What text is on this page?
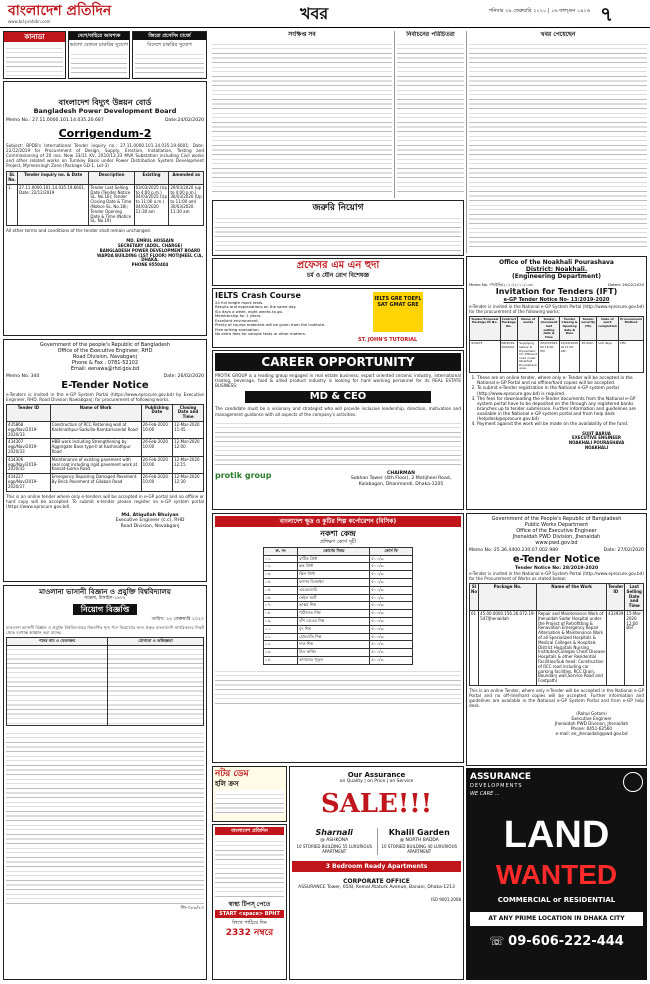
বাংলাদেশ প্রতিদিন
www.bd-pratidin.com	খবর	শনিবার ২৯ ফেব্রুয়ারি ২০২০ | ১৬ ফাল্গুন ১৪২৬ ৭
কানাডা	দেশে/বাহিরে আবশ্যক
ভালো বেতনে চাকরির সুযোগ
জিরো প্রসেসিং চার্জে
বিদেশে চাকরির সুযোগ
বাংলাদেশ বিদ্যুৎ উন্নয়ন বোর্ড
Bangladesh Power Development Board
Memo No.: 27.11.0000.101.14.035.20.687	Date:24/02/2020
Corrigendum-2
Subject: BPDB's International Tender inquiry no.: 27.11.0000.101.14.035.19.6601; Date: 22/12/2019 for Procurement of Design, Supply, Erection, Installation, Testing and Commissioning of 20 nos. New 33/11 KV, 2X10/13.33 MVA Substation including Civil works and other related works on Turnkey Basis under Power Distribution System Development Project, Mymensingh Zone (Package GD-1, Lot-3)
SL No.	Tender inquiry no. & Date	Description	Existing	Amended as
1.	27.11.0000.101.14.035.19.6601, Date: 22/12/2019	Tender Last Selling Date (Tender Notice SL. No.16); Tender Closing Date & Time (Notice SL. No.18); Tender Opening Date & Time (Notice SL. No.19)	03/03/2025 (Up to 4:00 p.m.) 04/03/2025 (Up to 11:00 a.m.) 04/03/2020 11:30 am	29/03/2020 (up to 4:00 p.m.) 30/03/2020 (Up to 11:00 am) 30/03/2020 11:30 am
All other terms and conditions of the tender shall remain unchanged.
MD. EMRUL HOSSAIN
SECRETARY (ADDL. CHARGE)
BANGLADESH POWER DEVELOPMENT BOARD
WAPDA BUILDING (1ST FLOOR) MOTIJHEEL C/A, DHAKA.
PHONE 9550404
Government of the people's Republic of Bangladesh
Office of the Executive Engineer, RHD
Road Division, Navabganj
Phone & Fax : 0781-52102
Email: eenawa@rhd.gov.bd
Memo No. 340	Date: 26/02/2020
E-Tender Notice
e-Tenders is invited in the e-GP System Portal (https://www.eprocure.gov.bd) by Executive Engineer, RHD. Road Division Nawabganj: for procurement of following works.
Tender ID	Name of Work	Publishing Date	Closing Date and Time
435868 egp/Nav/2019-2020/33	Construction of RCC Retaining wall at Kashinathpur-Sadullia-Ramkarisandal Road	26-Feb-2020 10:00	12-Mar-2020 11:45
434307 egp/Nav/2019-2020/33	HBB work Including Strengthening by Aggregate Base type-II at Kashinathpur Road	26-Feb-2020 10:00	12-Mar-2020 12:00
434306 egp/Nav/2019-2020/35	Maintenance of existing pavement with seal coat including rigid pavement work at Kansat-Goma Road	26-Feb-2020 10:00	12-Mar-2020 12:15
434227 egp/Nav/2019-2020/37	Emergency Repairing Damaged Pavement By Brick Pavement of Gilaban Road	26-Feb-2020 10:00	12-Mar-2020 12:30
This is an online tender where only e-tenders will be accepted in e-GP portal and no offline or hard copy will be accepted. To submit e-tender please register on e-GP system portal (https://www.eprocure.gov.bd).
Md. Atiqullah Bhuiyan
Executive Engineer (c.c), RHD
Road Division, Navabganj
মাওলানা ভাসানী বিজ্ঞান ও প্রযুক্তি বিশ্ববিদ্যালয়
সন্তোষ, টাঙ্গাইল-১৯০২
নিয়োগ বিজ্ঞপ্তি
তারিখ: ২৫ ফেব্রুয়ারি ২০২০
মাওলানা ভাসানী বিজ্ঞান ও প্রযুক্তি বিশ্ববিদ্যালয়ে নিম্নবর্ণিত শূন্য পদে নিয়োগের জন্য প্রকৃত বাংলাদেশি নাগরিকদের নিকট থেকে দরখাস্ত আহ্বান করা যাচ্ছে।
পদের নাম ও বেতনক্রম	যোগ্যতা ও অভিজ্ঞতা

জি-৩৮৬/২০
সংক্ষিপ্ত সব	নির্বাচনের পরিচিতরা	খবর পেয়েছেন
জরুরি নিয়োগ
প্রফেসর এম এন হুদা
চর্ম ও যৌন রোগ বিশেষজ্ঞ
IELTS Crash Course
24 full length mock tests.
Results and explanations on the same day.
Six days a week, eight weeks to go.
Membership for 1 years.
Excellent environment.
Plenty of course materials will be given from the institute.
Free writing evaluation.
No extra fees for sample tests or other matters.
IELTS GRE TOEFL SAT GMAT GRE
ST. JOHN'S TUTORIAL
CAREER OPPORTUNITY
PROTIK GROUP is a leading group engaged in real estate business, export oriented ceramic industry, international trading, beverage, food & allied product industry is looking for hard working personnel for its REAL ESTATE BUSINESS:
MD & CEO
The candidate must be a visionary and strategist who will provide inclusive leadership, direction, motivation and management guidance with all aspects of the company's activities.
protik group	CHAIRMAN
Sobhan Tower (4th Floor), 2 Motijheel Road, Kalabagan, Dhanmondi, Dhaka-1205
Office of the Noakhali Pourashava
District: Noakhali.
(Engineering Department)
Memo No. নপ/ইঞ্জি/২০২০/২০১১/১৩৩	Dated: 26/02/2020
Invitation for Tenders (IFT)
e-GP Tender Notice No- 13/2019-2020
e-Tender is invited in the National e-GP System Portal (http://www.eprocure.gov.bd) for the procurement of the following works:
Tender/Proposal Package ID No.	Contract Package No.	Name of works	Tender document last selling date & time	Tender Closing & Opening date & time	Tender security (Tk)	Date of work completion	Procurement Method
434275	NP/2019-2020/09	Supplying labour & Equipment for different road under Noakhali Pourashava area.	22/03/2022 till 16:00 PM	23/03/2020 at 11:00 AM	20,000/-	120 days	LTM
1. These are on online tender, where only e- Tender will be accepted in the National e-GP Portal and no offline/hard copies will be accepted.
2. To submit e-Tender registration in the National e-GP system portal (http://www.eprocure.gov.bd) is required.
3. The fees for downloading the e-Tender documents from the National e-GP system portal have to be deposited on the through any registered banks branches up to tender submission. Further information and guidelines are available in the National e-GP system portal and from help desk (helpdesk@eprocure.gov.bd)
4. Payment against the work will be made on the availability of the fund.
SUJIT BARUA
EXECUTIVE ENGINEER
NOAKHALI POURASHAVA
NOAKHALI
বাংলাদেশ ক্ষুদ্র ও কুটির শিল্প কর্পোরেশন (বিসিক)
নকশা কেন্দ্র
প্রশিক্ষণ কোর্স সূচী
ক্র. নং	কোর্সের বিষয়	কোর্স ফি
০১.	বাটিক প্রিন্ট	৫০০/=
০২.	ব্লক প্রিন্ট	৫০০/=
০৩.	স্ক্রিন প্রিন্ট	৫০০/=
০৪.	ফ্যাশন ডিজাইন	৫০০/=
০৫.	এমব্রয়ডারি	৫০০/=
০৬.	নেইল আর্ট	৫০০/=
০৭.	ভাস্কর্য শিল্প	৫০০/=
০৮.	পাটজাত শিল্প	৫০০/=
০৯.	বাঁশ বেতের শিল্প	৫০০/=
১০.	মৃৎ শিল্প	৫০০/=
১১.	মোমবাতি শিল্প	৫০০/=
১২.	দারু শিল্প	৫০০/=
১৩.	উড কার্ভিং	৫০০/=
১৪.	কাগজের পুতুল	৫০০/=
Government of the People's Republic of Bangladesh
Public Works Department
Office of the Executive Engineer
Jhenaidah PWD Division, Jhenaidah
www.pwd.gov.bd
Memo No: 25.36.4400.230.07.002.989	Date: 27/02/2020
e-Tender Notice
Tender Notice No: 28/2019-2020
e-Tender is invited in the National e-GP System Portal (http://www.eprocure.gov.bd) for the Procurement of Works as stated below:
Sl No	Package No.	Name of the Work	Tender ID	Last Selling Date and Time
01	45.00.0000.156.26.072.19-547/Jhenaidah	Repair and Maintenance Work of Jhenaidah Sadar Hospital under the Project of Retrofitting & Renovation Emergency Repair Alternation & Maintenance Work of all Specialized Hospitals & Medical Colleges & Hospitals District Hospitals Nursing Institutes/Colleges Chest Disease Hospitals & other Residential Facilities/Sub head: Construction of RCC road including car parking facilities, RCC Drain, Boundary wall,Service Road and Footpath)	433939	15-Mar-2020 12:00 BST
This is an online Tender, where only e-Tender will be accepted in the National e-GP Portal and no off-line/hard copies will be accepted. Further information and guidelines are available in the National e-GP System Portal and from e-GP help desk.
(Rahul Gotam)
Executive Engineer
Jhenaidah PWD Division, Jhenaidah
Phone: 0451-62560
e-mail: ee_jhenaidah@pwd.gov.bd
নটর ডেম
হলি ক্রস
বাংলাদেশ প্রতিদিন
স্বাস্থ্য টিপস্ পেতে
START <space> BPHT
লিখে পাঠিয়ে দিন
2332 নম্বরে
Our Assurance
on Quality | on Price | on Service
SALE!!!
Sharnali
@ ASHKONA
10 STORIED BUILDING 55 LUXURIOUS APARTMENT
Khalil Garden
@ NORTH BADDA
10 STORIED BUILDING 40 LUXURIOUS APARTMENT
3 Bedroom Ready Apartments
CORPORATE OFFICE
ASSURANCE Tower, 65/B, Kemal Ataturk Avenue, Banani, Dhaka-1213
ISO 9001:2008
ASSURANCE
DEVELOPMENTS
WE CARE ...
LAND
WANTED
COMMERCIAL or RESIDENTIAL
AT ANY PRIME LOCATION IN DHAKA CITY
☏ 09-606-222-444
